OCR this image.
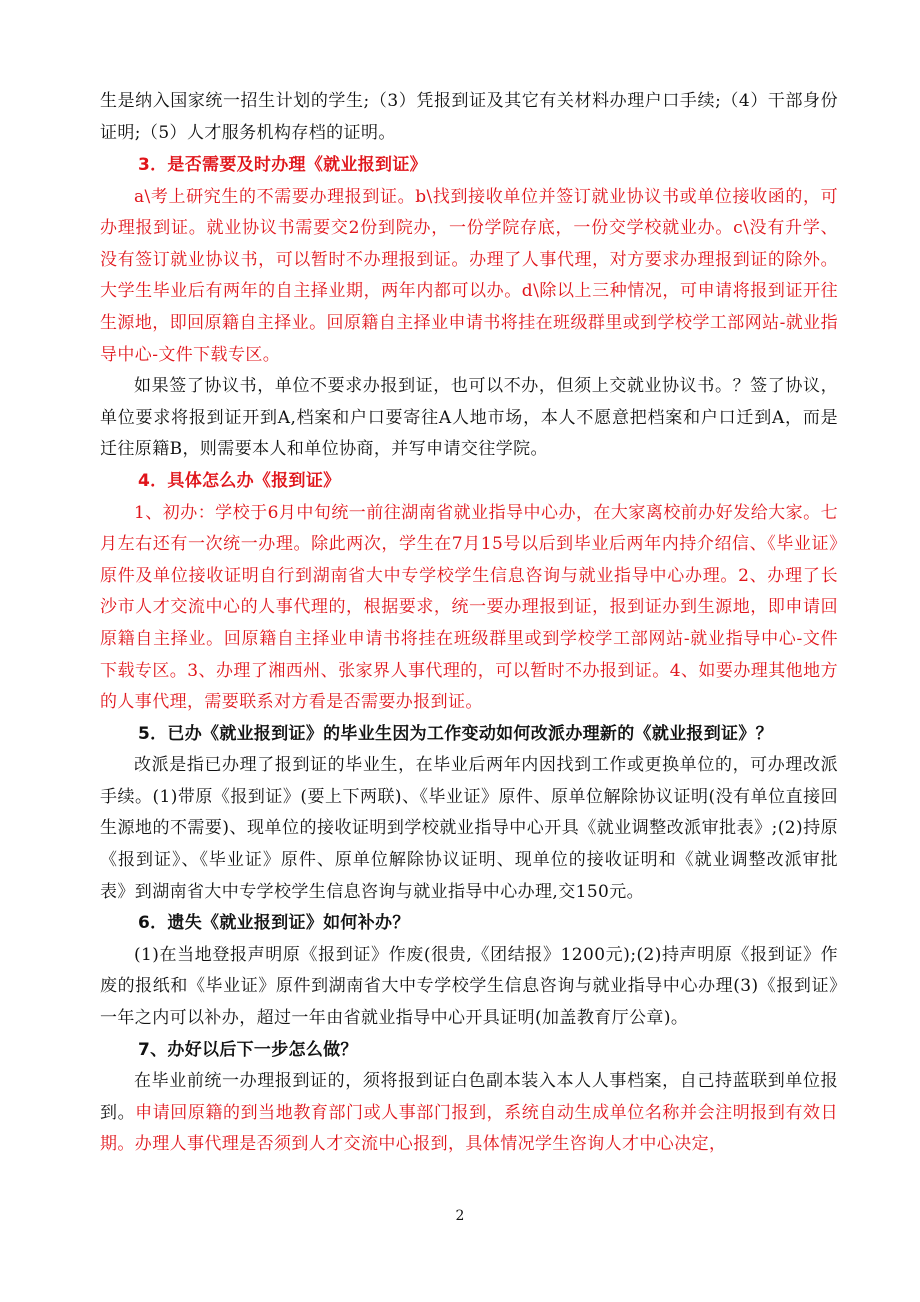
生是纳入国家统一招生计划的学生;（3）凭报到证及其它有关材料办理户口手续;（4）干部身份证明;（5）人才服务机构存档的证明。

3．是否需要及时办理《就业报到证》

a\考上研究生的不需要办理报到证。b\找到接收单位并签订就业协议书或单位接收函的，可办理报到证。就业协议书需要交2份到院办，一份学院存底，一份交学校就业办。c\没有升学、没有签订就业协议书，可以暂时不办理报到证。办理了人事代理，对方要求办理报到证的除外。大学生毕业后有两年的自主择业期，两年内都可以办。d\除以上三种情况，可申请将报到证开往生源地，即回原籍自主择业。回原籍自主择业申请书将挂在班级群里或到学校学工部网站-就业指导中心-文件下载专区。

如果签了协议书，单位不要求办报到证，也可以不办，但须上交就业协议书。？签了协议，单位要求将报到证开到A,档案和户口要寄往A人地市场，本人不愿意把档案和户口迁到A，而是迁往原籍B，则需要本人和单位协商，并写申请交往学院。

4．具体怎么办《报到证》

1、初办：学校于6月中旬统一前往湖南省就业指导中心办，在大家离校前办好发给大家。七月左右还有一次统一办理。除此两次，学生在7月15号以后到毕业后两年内持介绍信、《毕业证》原件及单位接收证明自行到湖南省大中专学校学生信息咨询与就业指导中心办理。2、办理了长沙市人才交流中心的人事代理的，根据要求，统一要办理报到证，报到证办到生源地，即申请回原籍自主择业。回原籍自主择业申请书将挂在班级群里或到学校学工部网站-就业指导中心-文件下载专区。3、办理了湘西州、张家界人事代理的，可以暂时不办报到证。4、如要办理其他地方的人事代理，需要联系对方看是否需要办报到证。

5．已办《就业报到证》的毕业生因为工作变动如何改派办理新的《就业报到证》？

改派是指已办理了报到证的毕业生，在毕业后两年内因找到工作或更换单位的，可办理改派手续。(1)带原《报到证》(要上下两联)、《毕业证》原件、原单位解除协议证明(没有单位直接回生源地的不需要)、现单位的接收证明到学校就业指导中心开具《就业调整改派审批表》;(2)持原《报到证》、《毕业证》原件、原单位解除协议证明、现单位的接收证明和《就业调整改派审批表》到湖南省大中专学校学生信息咨询与就业指导中心办理,交150元。

6．遗失《就业报到证》如何补办？

(1)在当地登报声明原《报到证》作废(很贵,《团结报》1200元);(2)持声明原《报到证》作废的报纸和《毕业证》原件到湖南省大中专学校学生信息咨询与就业指导中心办理(3)《报到证》一年之内可以补办，超过一年由省就业指导中心开具证明(加盖教育厅公章)。

7、办好以后下一步怎么做？

在毕业前统一办理报到证的，须将报到证白色副本装入本人人事档案，自己持蓝联到单位报到。申请回原籍的到当地教育部门或人事部门报到，系统自动生成单位名称并会注明报到有效日期。办理人事代理是否须到人才交流中心报到，具体情况学生咨询人才中心决定，

2
